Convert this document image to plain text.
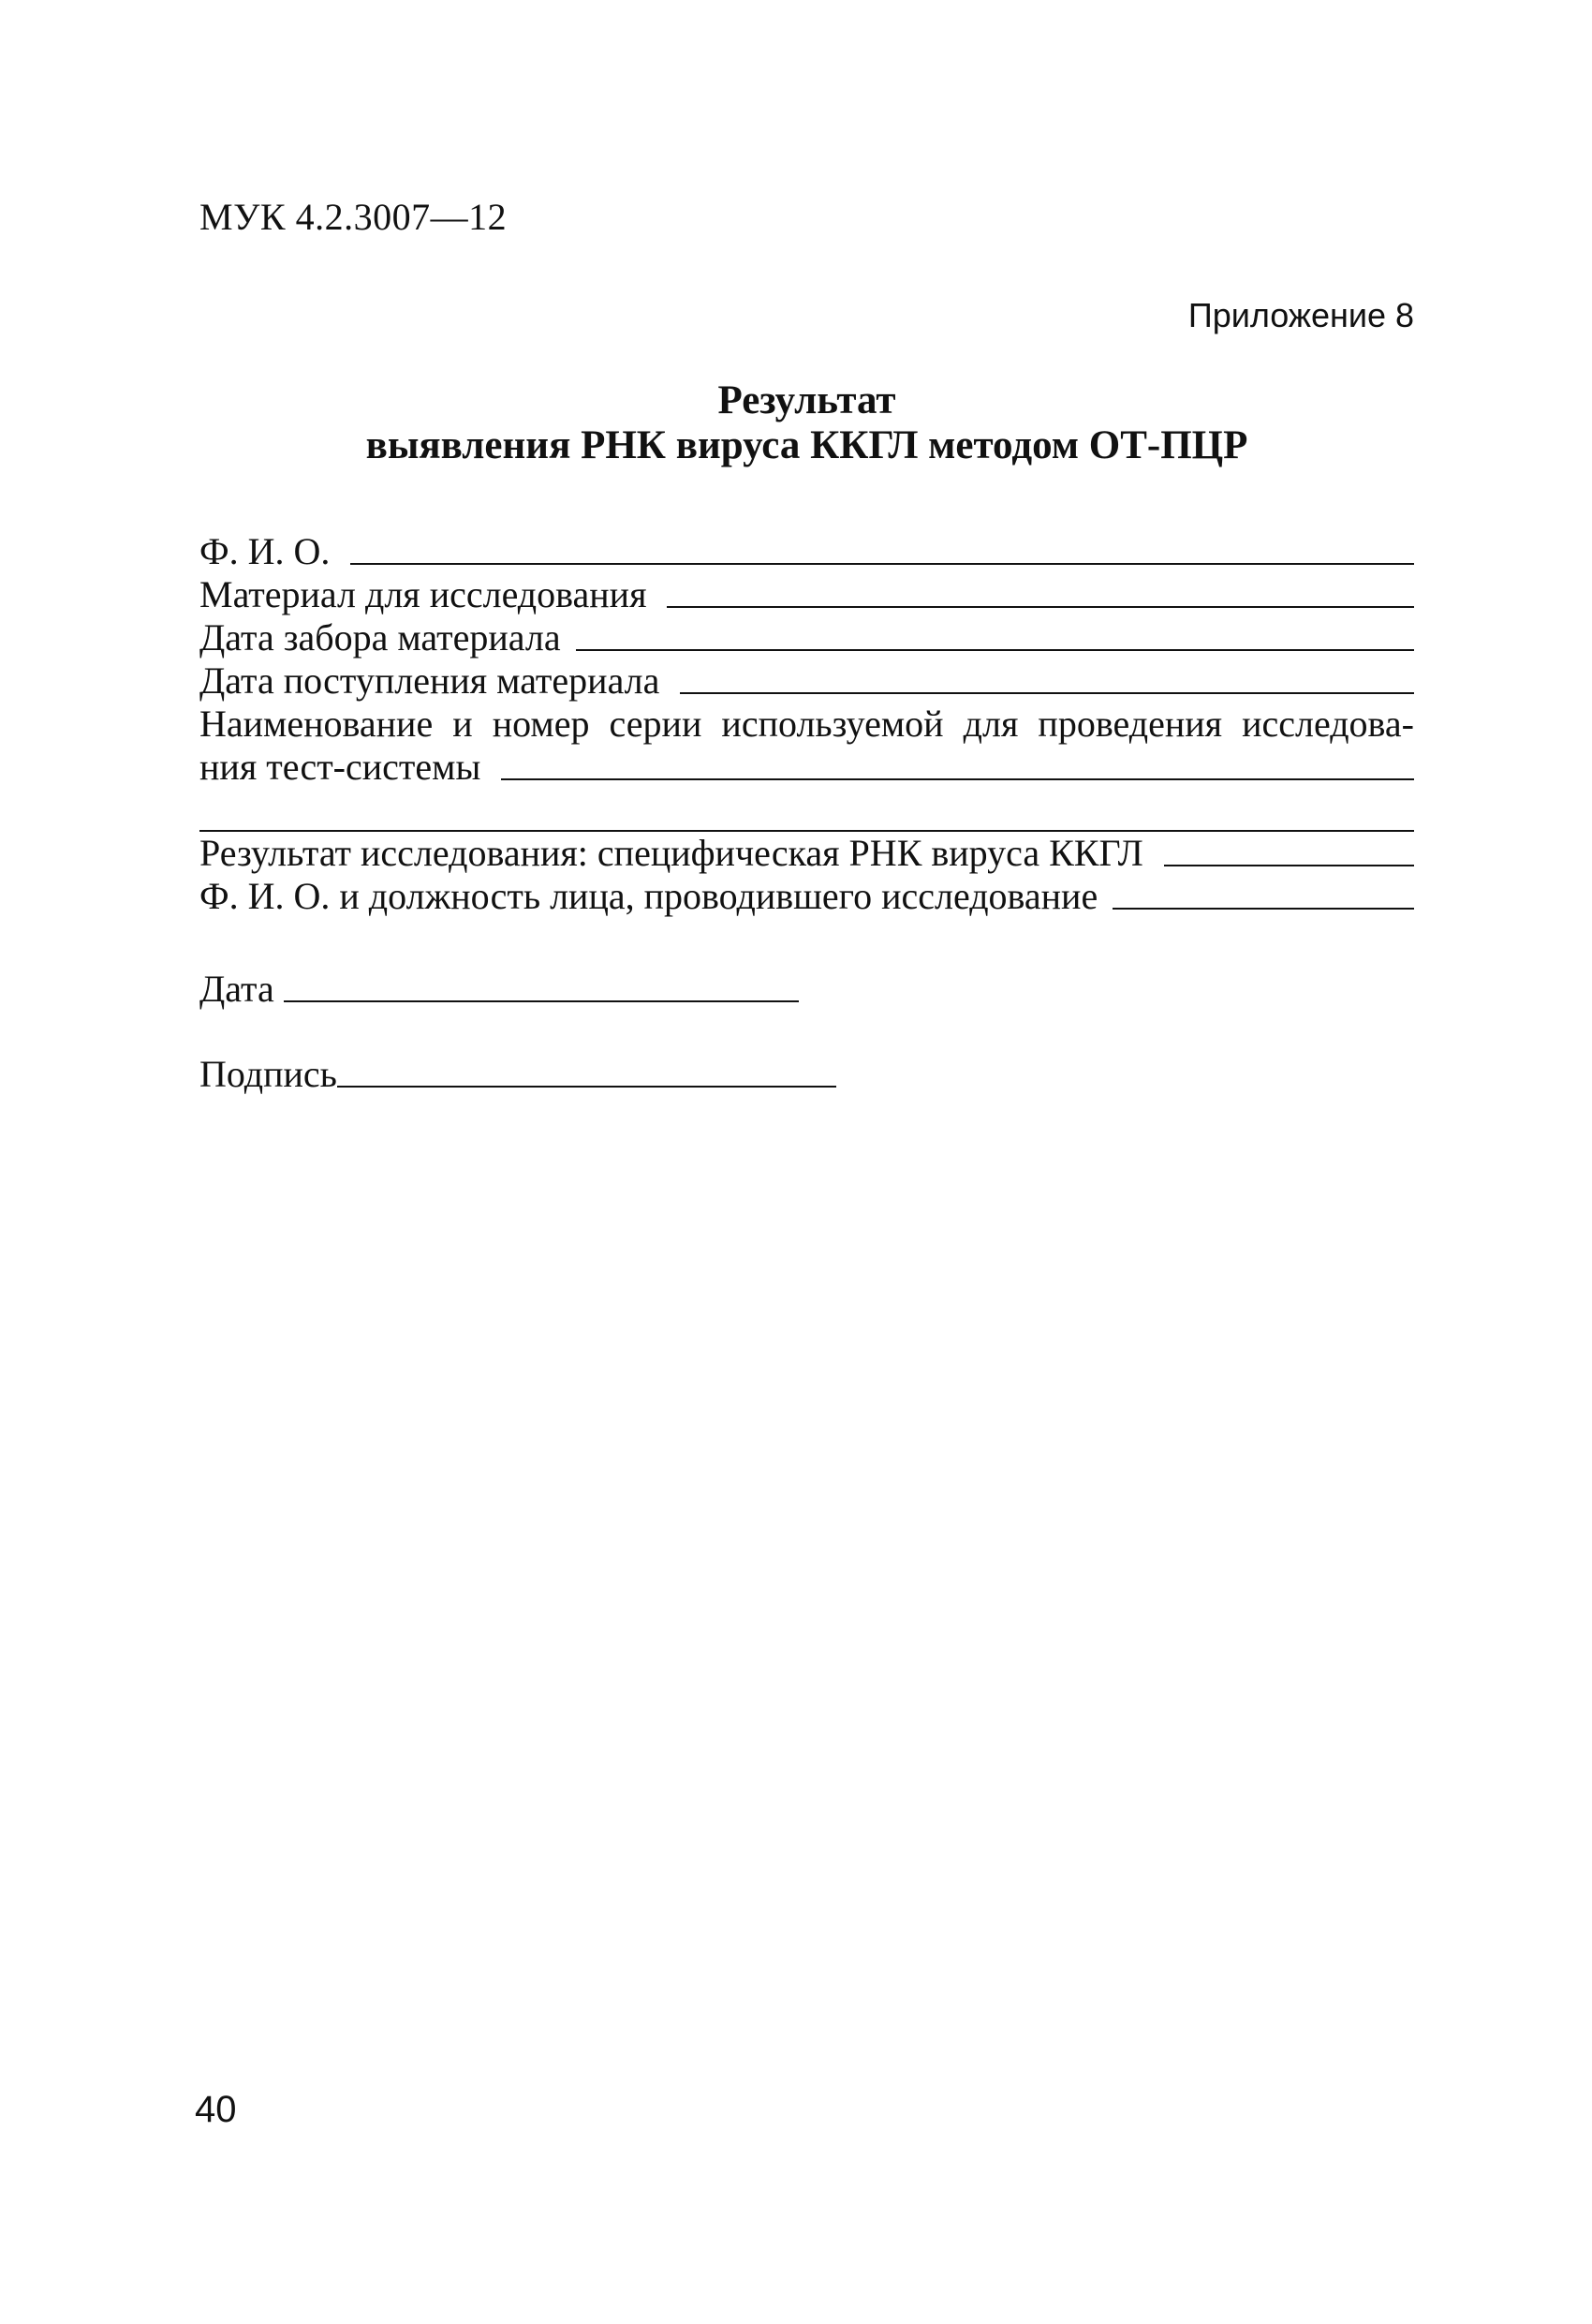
МУК 4.2.3007—12
Приложение 8
Результат
выявления РНК вируса ККГЛ методом ОТ-ПЦР
Ф. И. О.
Материал для исследования
Дата забора материала
Дата поступления материала
Наименование и номер серии используемой для проведения исследова-
ния тест-системы
Результат исследования: специфическая РНК вируса ККГЛ
Ф. И. О. и должность лица, проводившего исследование
Дата
Подпись
40
